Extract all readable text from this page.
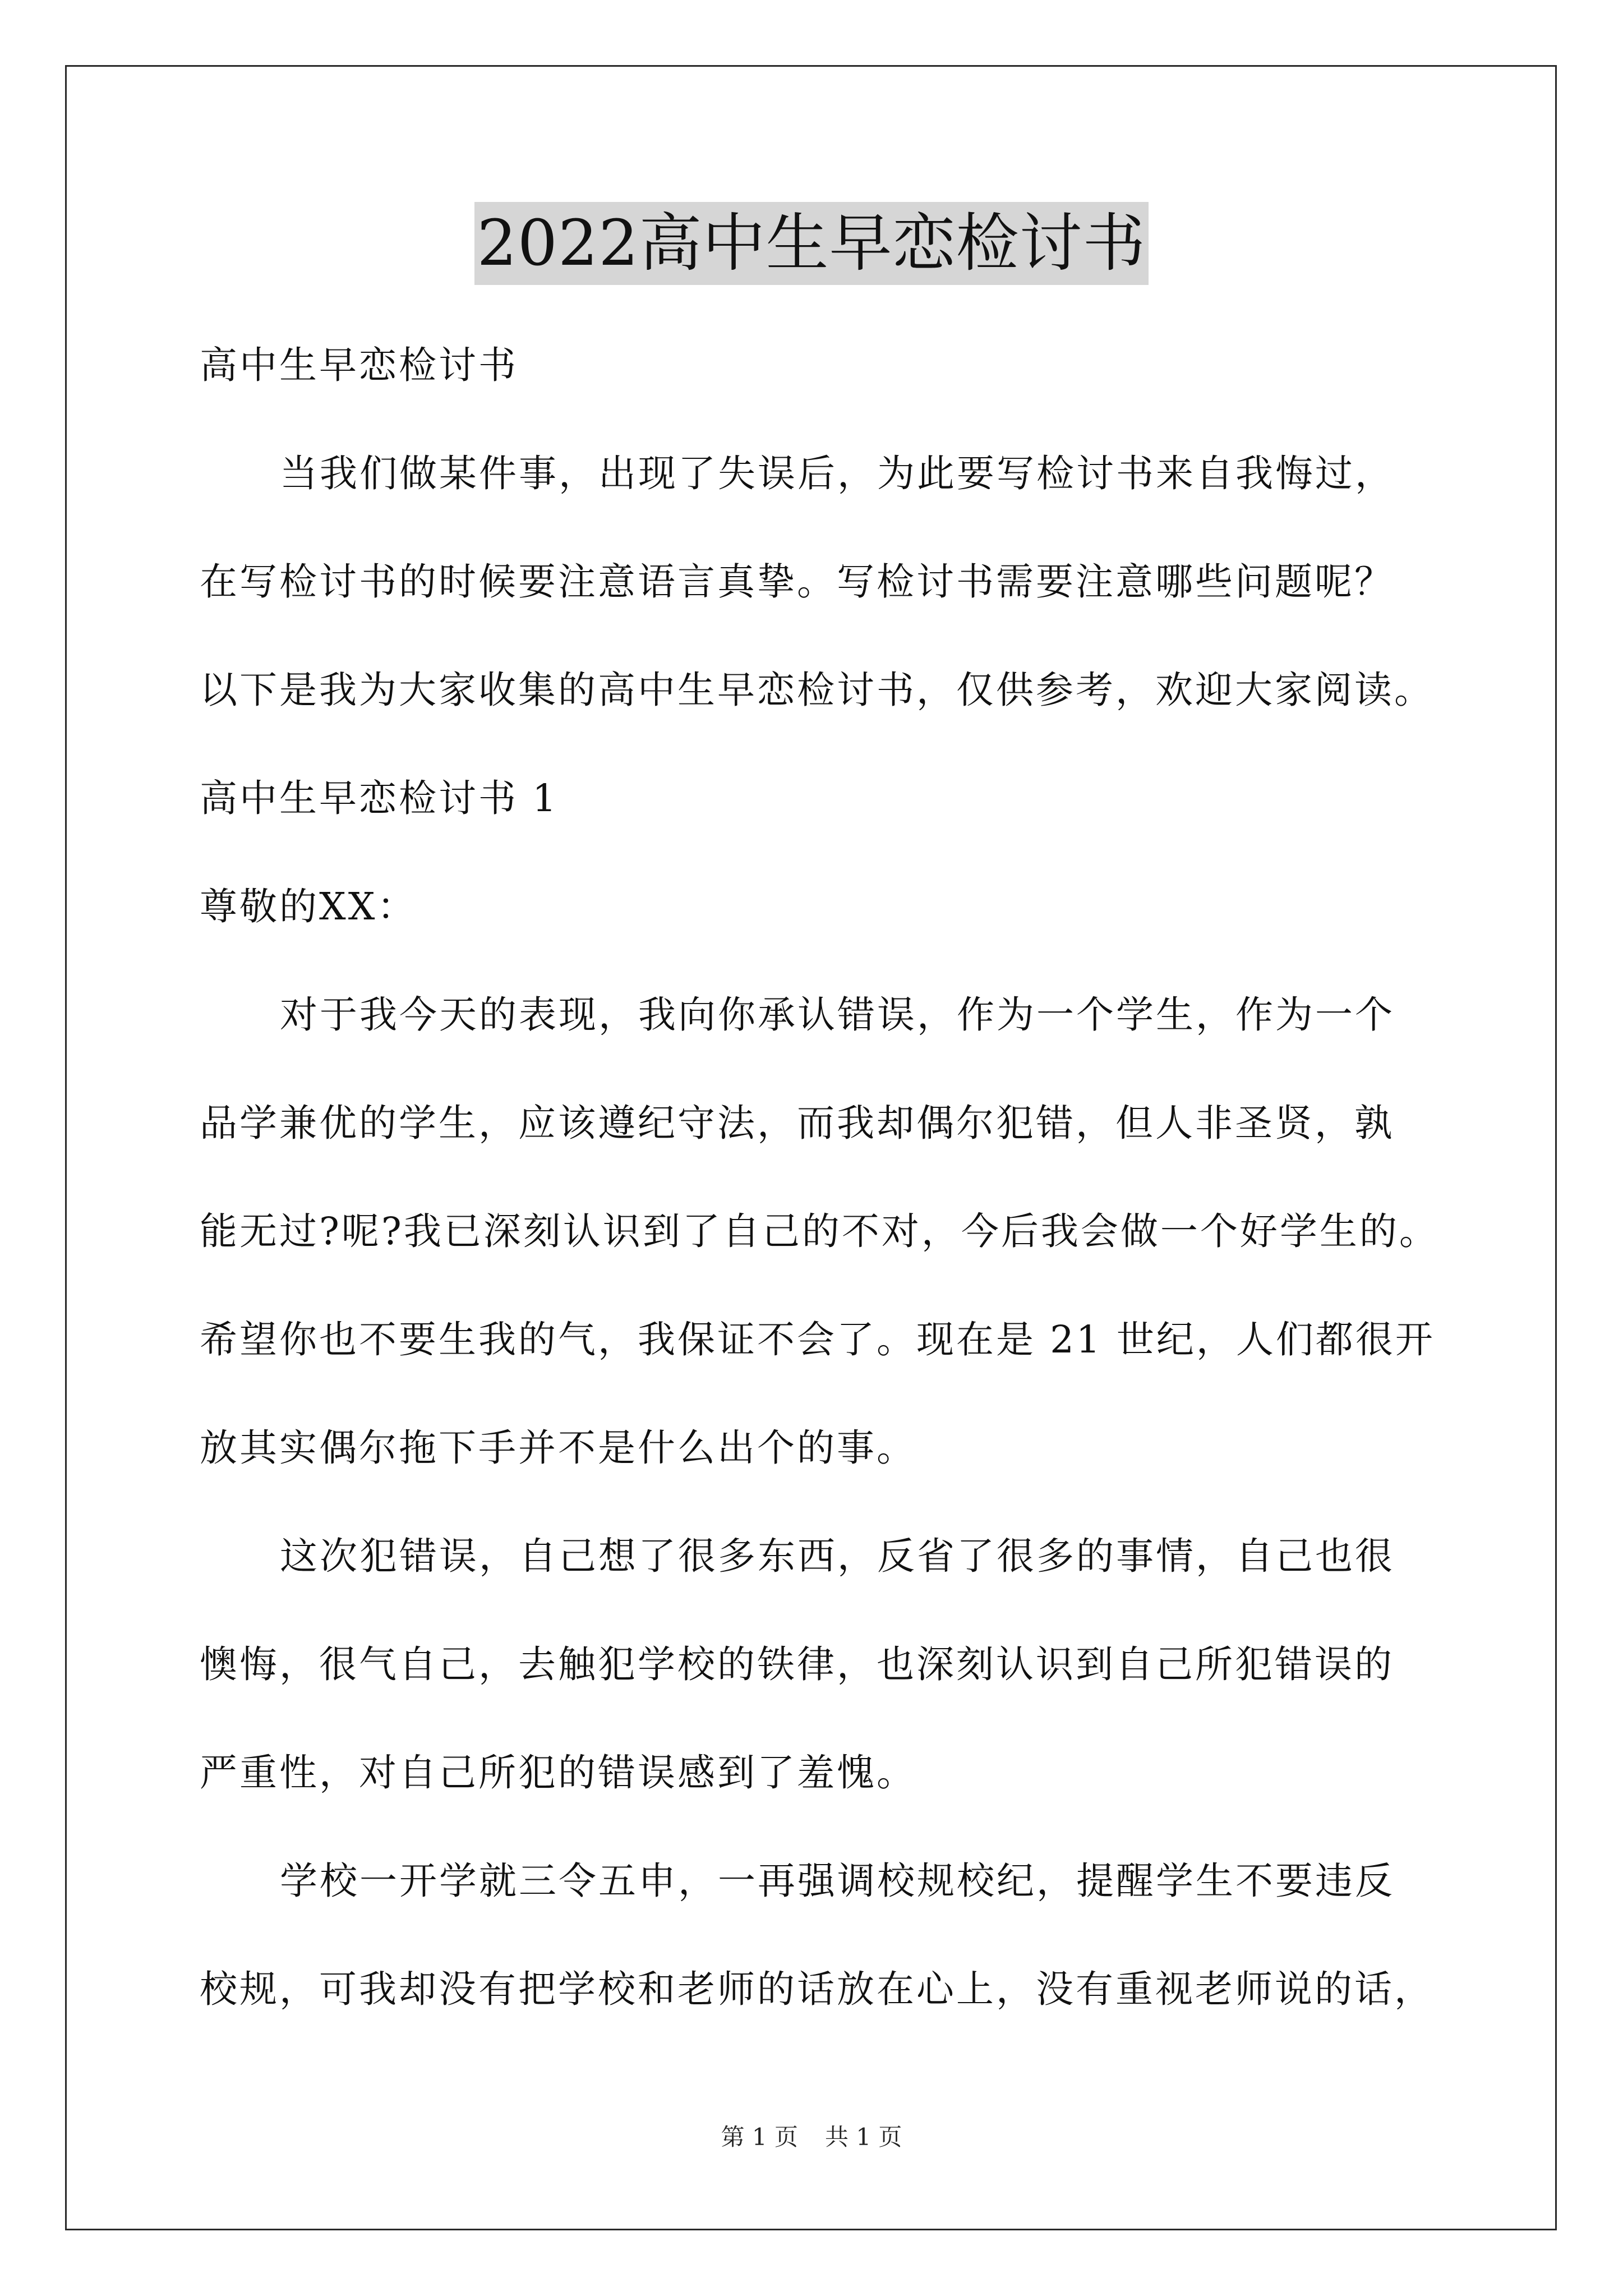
2022高中生早恋检讨书
高中生早恋检讨书
当我们做某件事，出现了失误后，为此要写检讨书来自我悔过，
在写检讨书的时候要注意语言真挚。写检讨书需要注意哪些问题呢？
以下是我为大家收集的高中生早恋检讨书，仅供参考，欢迎大家阅读。
高中生早恋检讨书 1
尊敬的XX：
对于我今天的表现，我向你承认错误，作为一个学生，作为一个
品学兼优的学生，应该遵纪守法，而我却偶尔犯错，但人非圣贤，孰
能无过?呢?我已深刻认识到了自己的不对，今后我会做一个好学生的。
希望你也不要生我的气，我保证不会了。现在是 21 世纪，人们都很开
放其实偶尔拖下手并不是什么出个的事。
这次犯错误，自己想了很多东西，反省了很多的事情，自己也很
懊悔，很气自己，去触犯学校的铁律，也深刻认识到自己所犯错误的
严重性，对自己所犯的错误感到了羞愧。
学校一开学就三令五申，一再强调校规校纪，提醒学生不要违反
校规，可我却没有把学校和老师的话放在心上，没有重视老师说的话，
第 1 页 共 1 页
